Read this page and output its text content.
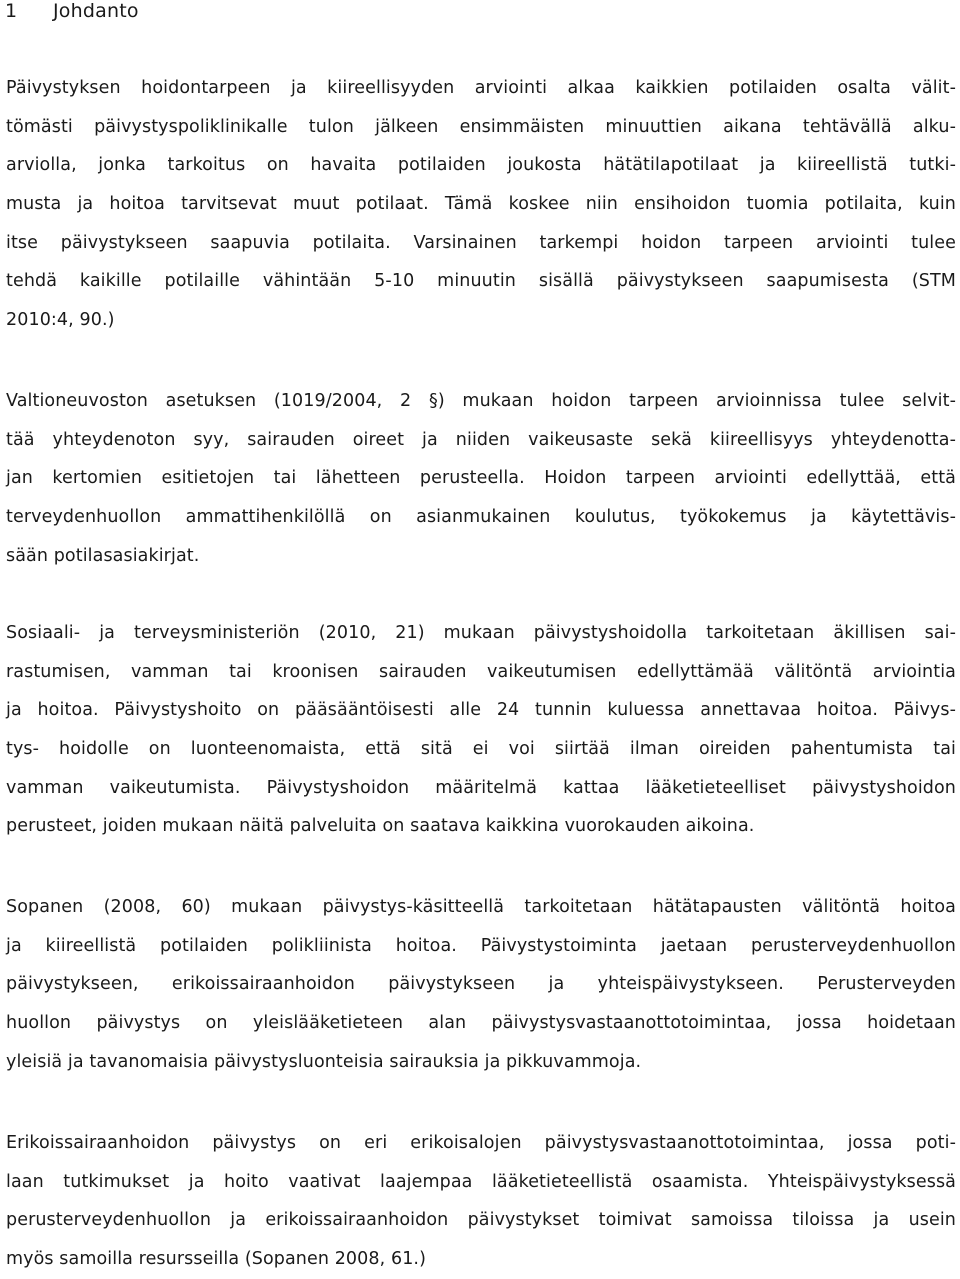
1 Johdanto
Päivystyksen hoidontarpeen ja kiireellisyyden arviointi alkaa kaikkien potilaiden osalta välit-
tömästi päivystyspoliklinikalle tulon jälkeen ensimmäisten minuuttien aikana tehtävällä alku-
arviolla, jonka tarkoitus on havaita potilaiden joukosta hätätilapotilaat ja kiireellistä tutki-
musta ja hoitoa tarvitsevat muut potilaat. Tämä koskee niin ensihoidon tuomia potilaita, kuin
itse päivystykseen saapuvia potilaita. Varsinainen tarkempi hoidon tarpeen arviointi tulee
tehdä kaikille potilaille vähintään 5-10 minuutin sisällä päivystykseen saapumisesta (STM
2010:4, 90.)
Valtioneuvoston asetuksen (1019/2004, 2 §) mukaan hoidon tarpeen arvioinnissa tulee selvit-
tää yhteydenoton syy, sairauden oireet ja niiden vaikeusaste sekä kiireellisyys yhteydenotta-
jan kertomien esitietojen tai lähetteen perusteella. Hoidon tarpeen arviointi edellyttää, että
terveydenhuollon ammattihenkilöllä on asianmukainen koulutus, työkokemus ja käytettävis-
sään potilasasiakirjat.
Sosiaali- ja terveysministeriön (2010, 21) mukaan päivystyshoidolla tarkoitetaan äkillisen sai-
rastumisen, vamman tai kroonisen sairauden vaikeutumisen edellyttämää välitöntä arviointia
ja hoitoa. Päivystyshoito on pääsääntöisesti alle 24 tunnin kuluessa annettavaa hoitoa. Päivys-
tys- hoidolle on luonteenomaista, että sitä ei voi siirtää ilman oireiden pahentumista tai
vamman vaikeutumista. Päivystyshoidon määritelmä kattaa lääketieteelliset päivystyshoidon
perusteet, joiden mukaan näitä palveluita on saatava kaikkina vuorokauden aikoina.
Sopanen (2008, 60) mukaan päivystys-käsitteellä tarkoitetaan hätätapausten välitöntä hoitoa
ja kiireellistä potilaiden polikliinista hoitoa. Päivystystoiminta jaetaan perusterveydenhuollon
päivystykseen, erikoissairaanhoidon päivystykseen ja yhteispäivystykseen. Perusterveyden
huollon päivystys on yleislääketieteen alan päivystysvastaanottotoimintaa, jossa hoidetaan
yleisiä ja tavanomaisia päivystysluonteisia sairauksia ja pikkuvammoja.
Erikoissairaanhoidon päivystys on eri erikoisalojen päivystysvastaanottotoimintaa, jossa poti-
laan tutkimukset ja hoito vaativat laajempaa lääketieteellistä osaamista. Yhteispäivystyksessä
perusterveydenhuollon ja erikoissairaanhoidon päivystykset toimivat samoissa tiloissa ja usein
myös samoilla resursseilla (Sopanen 2008, 61.)
